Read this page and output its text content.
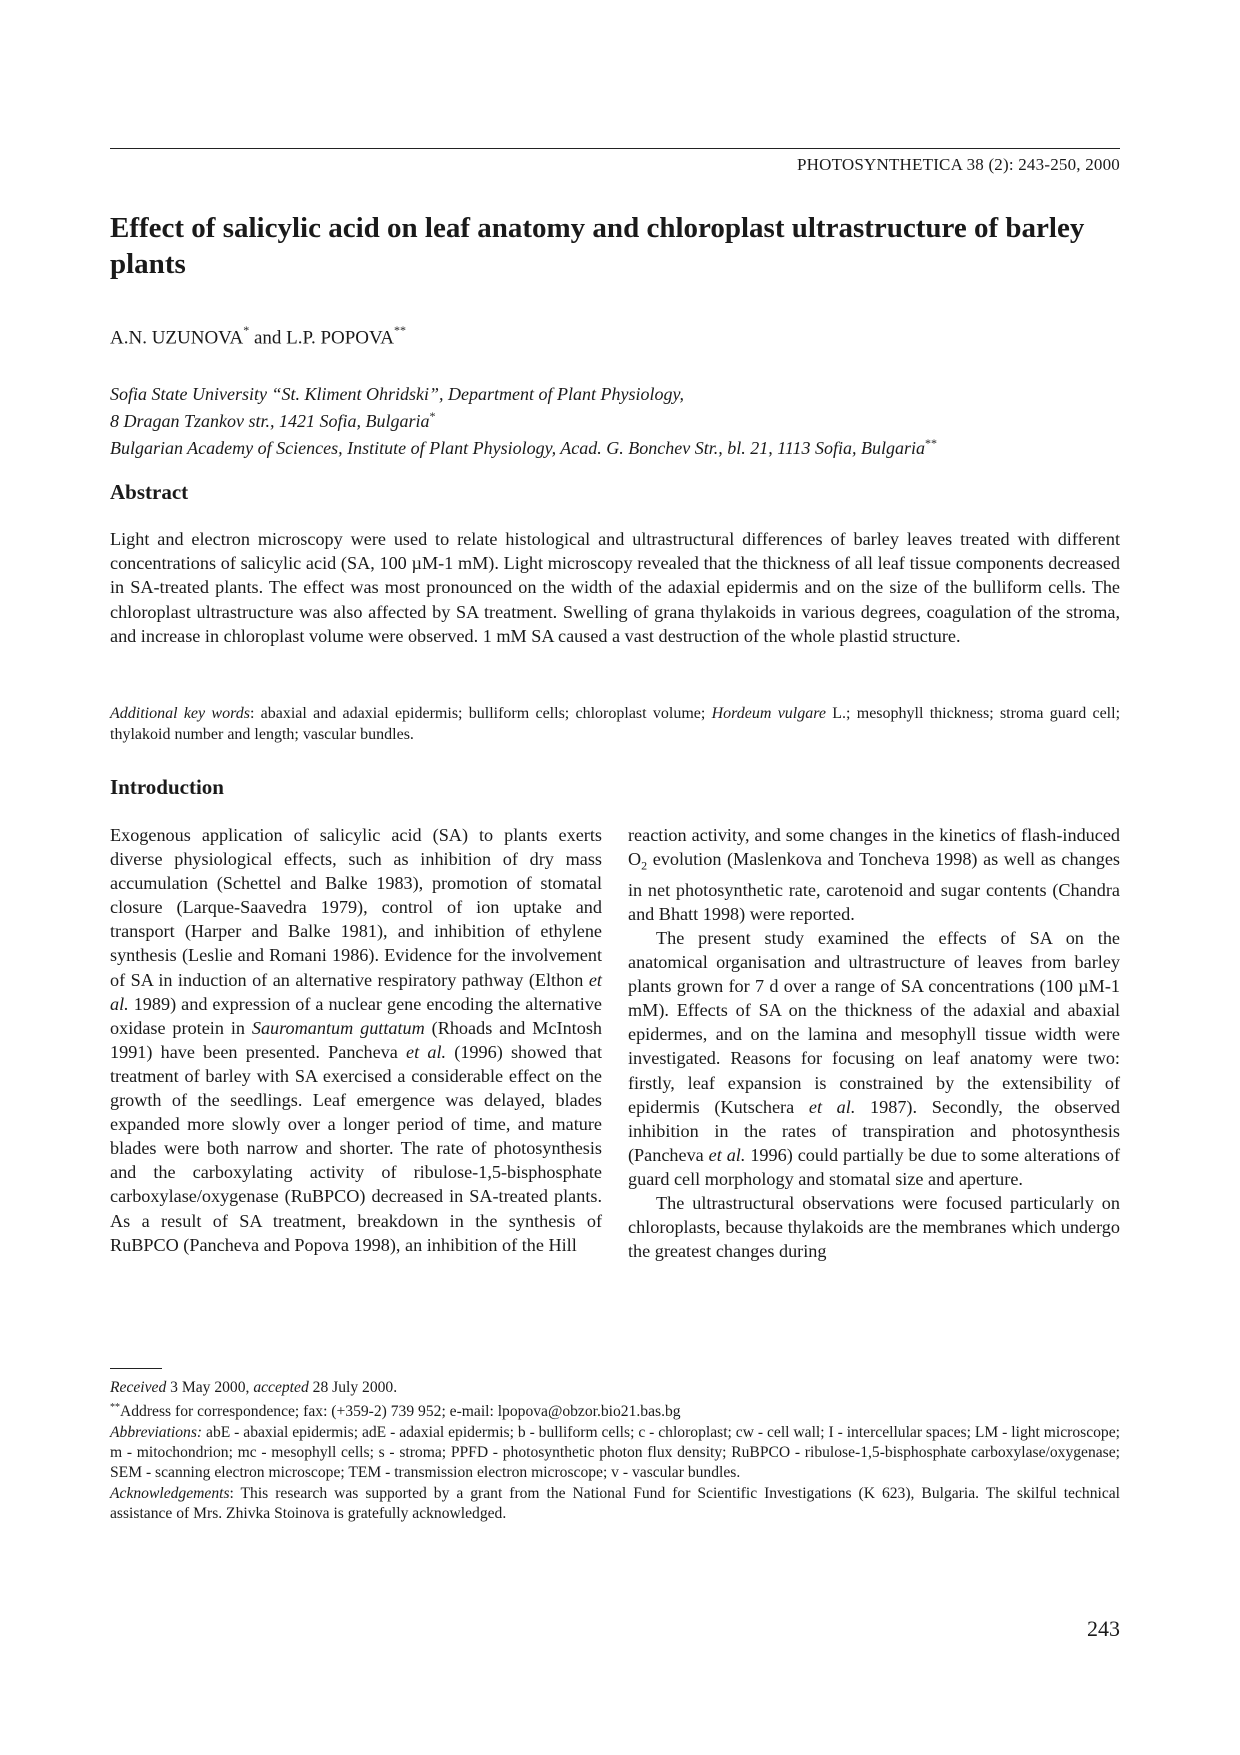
PHOTOSYNTHETICA 38 (2): 243-250, 2000
Effect of salicylic acid on leaf anatomy and chloroplast ultrastructure of barley plants
A.N. UZUNOVA* and L.P. POPOVA**
Sofia State University “St. Kliment Ohridski”, Department of Plant Physiology,
8 Dragan Tzankov str., 1421 Sofia, Bulgaria*
Bulgarian Academy of Sciences, Institute of Plant Physiology, Acad. G. Bonchev Str., bl. 21, 1113 Sofia, Bulgaria**
Abstract
Light and electron microscopy were used to relate histological and ultrastructural differences of barley leaves treated with different concentrations of salicylic acid (SA, 100 µM-1 mM). Light microscopy revealed that the thickness of all leaf tissue components decreased in SA-treated plants. The effect was most pronounced on the width of the adaxial epidermis and on the size of the bulliform cells. The chloroplast ultrastructure was also affected by SA treatment. Swelling of grana thylakoids in various degrees, coagulation of the stroma, and increase in chloroplast volume were observed. 1 mM SA caused a vast destruction of the whole plastid structure.
Additional key words: abaxial and adaxial epidermis; bulliform cells; chloroplast volume; Hordeum vulgare L.; mesophyll thickness; stroma guard cell; thylakoid number and length; vascular bundles.
Introduction

Exogenous application of salicylic acid (SA) to plants exerts diverse physiological effects, such as inhibition of dry mass accumulation (Schettel and Balke 1983), promotion of stomatal closure (Larque-Saavedra 1979), control of ion uptake and transport (Harper and Balke 1981), and inhibition of ethylene synthesis (Leslie and Romani 1986). Evidence for the involvement of SA in induction of an alternative respiratory pathway (Elthon et al. 1989) and expression of a nuclear gene encoding the alternative oxidase protein in Sauromantum guttatum (Rhoads and McIntosh 1991) have been presented. Pancheva et al. (1996) showed that treatment of barley with SA exercised a considerable effect on the growth of the seedlings. Leaf emergence was delayed, blades expanded more slowly over a longer period of time, and mature blades were both narrow and shorter. The rate of photosynthesis and the carboxylating activity of ribulose-1,5-bisphosphate carboxylase/oxygenase (RuBPCO) decreased in SA-treated plants. As a result of SA treatment, breakdown in the synthesis of RuBPCO (Pancheva and Popova 1998), an inhibition of the Hill

reaction activity, and some changes in the kinetics of flash-induced $O_2$ evolution (Maslenkova and Toncheva 1998) as well as changes in net photosynthetic rate, carotenoid and sugar contents (Chandra and Bhatt 1998) were reported.

The present study examined the effects of SA on the anatomical organisation and ultrastructure of leaves from barley plants grown for 7 d over a range of SA concentrations (100 µM-1 mM). Effects of SA on the thickness of the adaxial and abaxial epidermes, and on the lamina and mesophyll tissue width were investigated. Reasons for focusing on leaf anatomy were two: firstly, leaf expansion is constrained by the extensibility of epidermis (Kutschera et al. 1987). Secondly, the observed inhibition in the rates of transpiration and photosynthesis (Pancheva et al. 1996) could partially be due to some alterations of guard cell morphology and stomatal size and aperture.

The ultrastructural observations were focused particularly on chloroplasts, because thylakoids are the membranes which undergo the greatest changes during

Received 3 May 2000, accepted 28 July 2000.

**Address for correspondence; fax: (+359-2) 739 952; e-mail: lpopova@obzor.bio21.bas.bg

Abbreviations: abE - abaxial epidermis; adE - adaxial epidermis; b - bulliform cells; c - chloroplast; cw - cell wall; I - intercellular spaces; LM - light microscope; m - mitochondrion; mc - mesophyll cells; s - stroma; PPFD - photosynthetic photon flux density; RuBPCO - ribulose-1,5-bisphosphate carboxylase/oxygenase; SEM - scanning electron microscope; TEM - transmission electron microscope; v - vascular bundles.

Acknowledgements: This research was supported by a grant from the National Fund for Scientific Investigations (K 623), Bulgaria. The skilful technical assistance of Mrs. Zhivka Stoinova is gratefully acknowledged.

243
